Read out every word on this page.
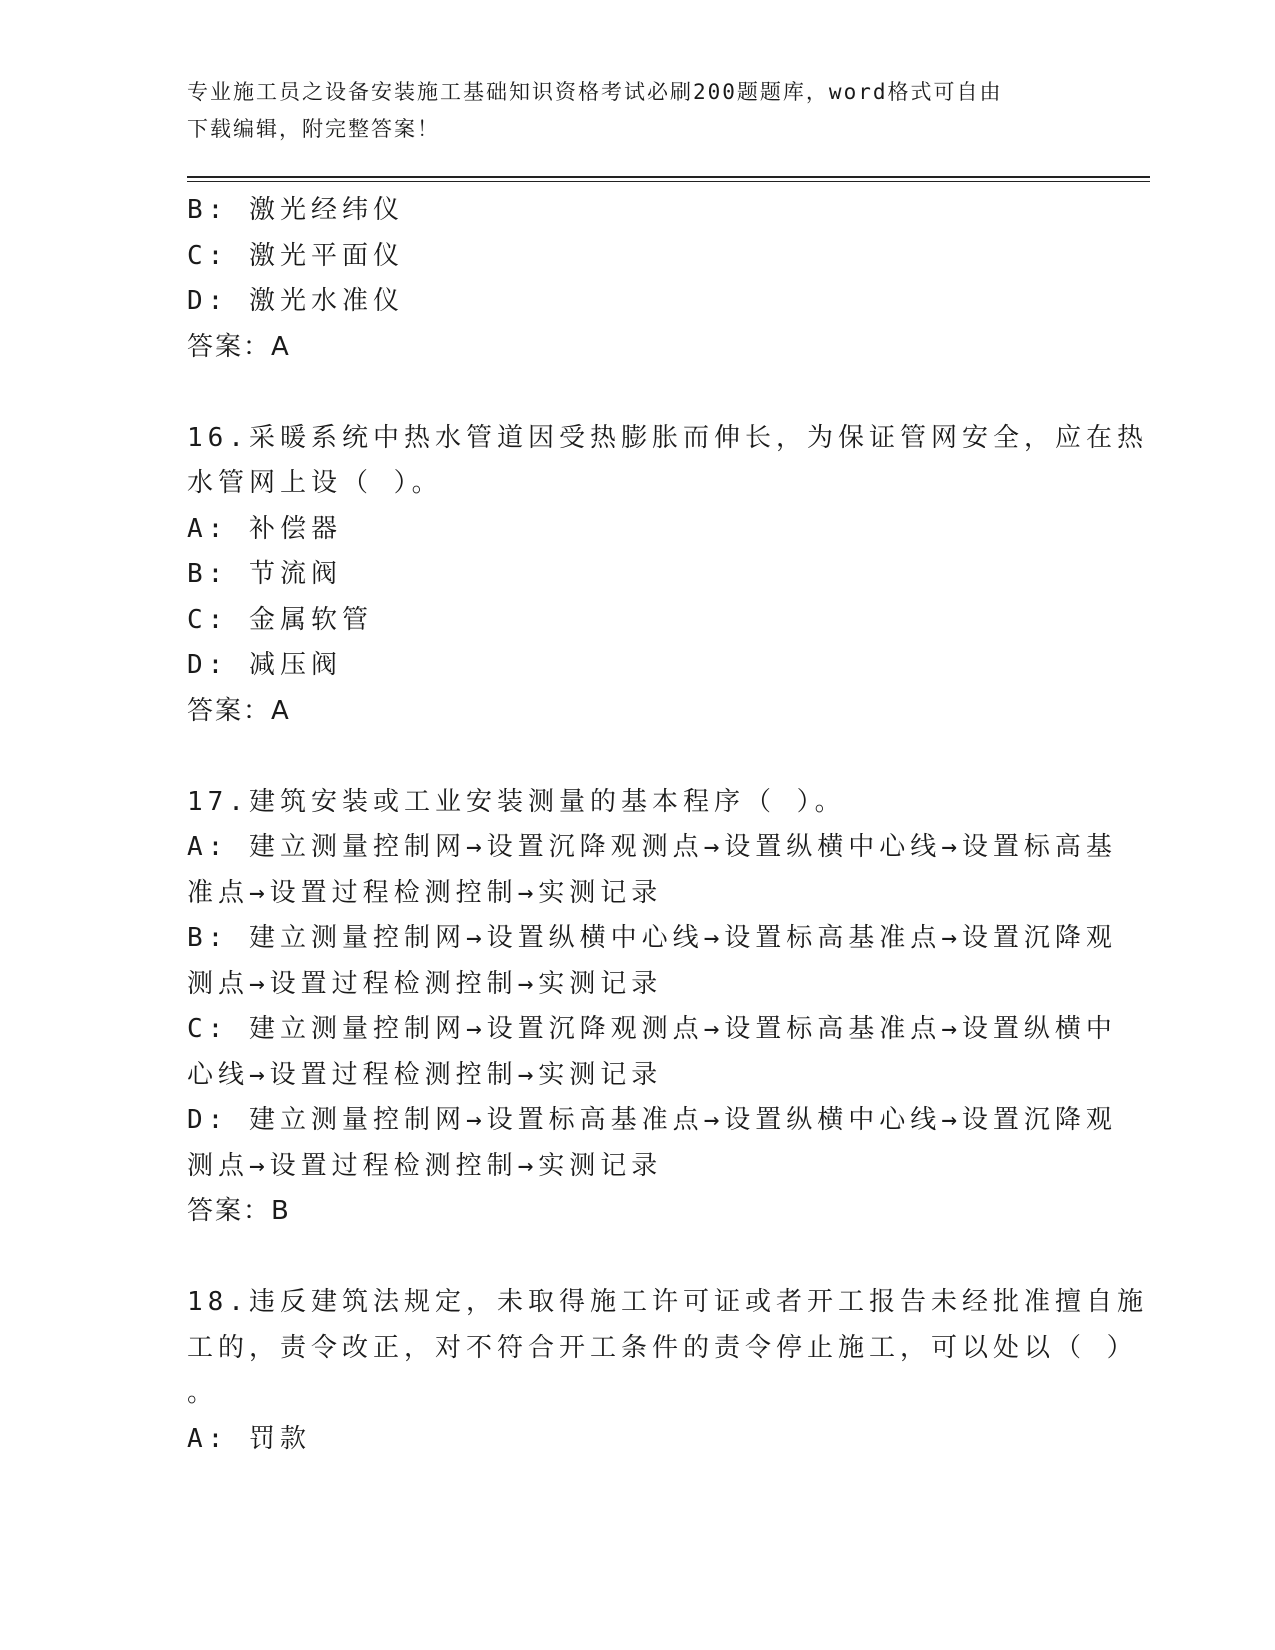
专业施工员之设备安装施工基础知识资格考试必刷200题题库，word格式可自由
下载编辑，附完整答案！
B: 激光经纬仪
C: 激光平面仪
D: 激光水准仪
答案：A
16.采暖系统中热水管道因受热膨胀而伸长，为保证管网安全，应在热
水管网上设（ ）。
A: 补偿器
B: 节流阀
C: 金属软管
D: 减压阀
答案：A
17.建筑安装或工业安装测量的基本程序（ ）。
A: 建立测量控制网→设置沉降观测点→设置纵横中心线→设置标高基
准点→设置过程检测控制→实测记录
B: 建立测量控制网→设置纵横中心线→设置标高基准点→设置沉降观
测点→设置过程检测控制→实测记录
C: 建立测量控制网→设置沉降观测点→设置标高基准点→设置纵横中
心线→设置过程检测控制→实测记录
D: 建立测量控制网→设置标高基准点→设置纵横中心线→设置沉降观
测点→设置过程检测控制→实测记录
答案：B
18.违反建筑法规定，未取得施工许可证或者开工报告未经批准擅自施
工的，责令改正，对不符合开工条件的责令停止施工，可以处以（ ）
。
A: 罚款
